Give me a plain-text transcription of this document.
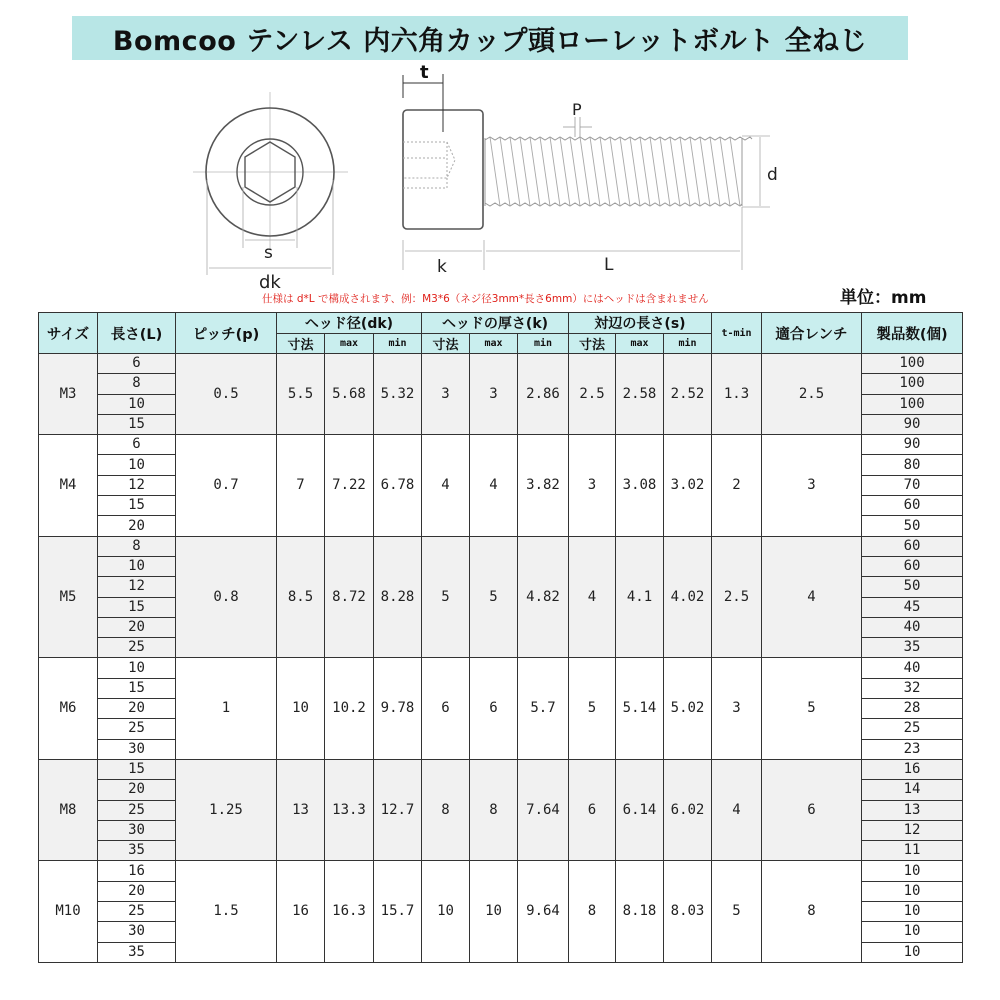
Bomcoo テンレス 内六角カップ頭ローレットボルト 全ねじ
s
dk
t
P
d
k	L
仕様は d*L で構成されます、例：M3*6（ネジ径3mm*長さ6mm）にはヘッドは含まれません	単位：mm
サイズ	長さ(L)	ピッチ(p)	ヘッド径(dk)			ヘッドの厚さ(k)			対辺の長さ(s)			t-min	適合レンチ	製品数(個)
			寸法	max	min	寸法	max	min	寸法	max	min			
M3	6	0.5	5.5	5.68	5.32	3	3	2.86	2.5	2.58	2.52	1.3	2.5	100
	8													100
	10													100
	15													90
M4	6	0.7	7	7.22	6.78	4	4	3.82	3	3.08	3.02	2	3	90
	10													80
	12													70
	15													60
	20													50
M5	8	0.8	8.5	8.72	8.28	5	5	4.82	4	4.1	4.02	2.5	4	60
	10													60
	12													50
	15													45
	20													40
	25													35
M6	10	1	10	10.2	9.78	6	6	5.7	5	5.14	5.02	3	5	40
	15													32
	20													28
	25													25
	30													23
M8	15	1.25	13	13.3	12.7	8	8	7.64	6	6.14	6.02	4	6	16
	20													14
	25													13
	30													12
	35													11
M10	16	1.5	16	16.3	15.7	10	10	9.64	8	8.18	8.03	5	8	10
	20													10
	25													10
	30													10
	35													10
